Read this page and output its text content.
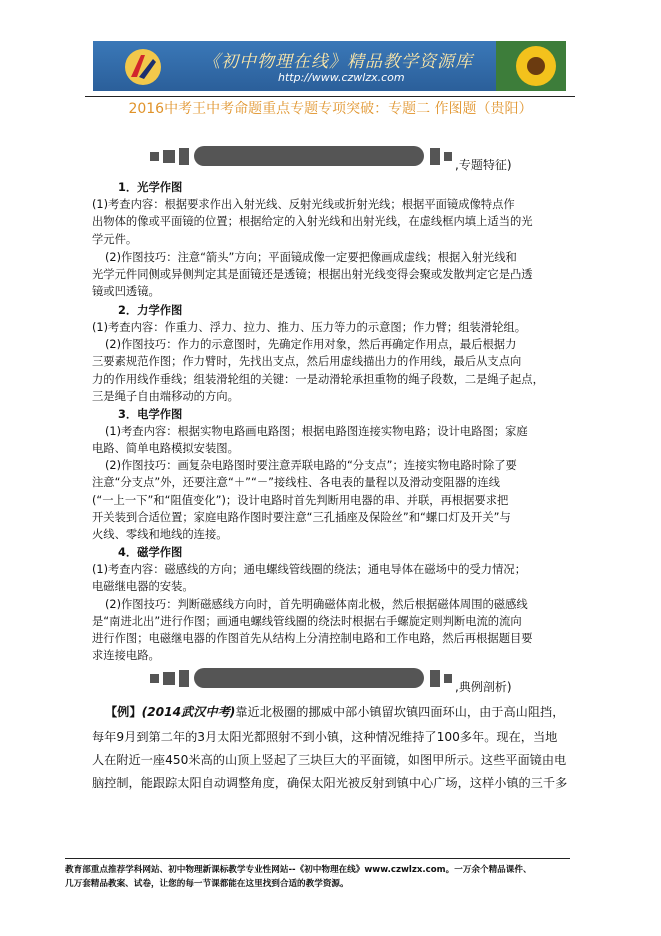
《初中物理在线》精品教学资源库
http://www.czwlzx.com
2016中考王中考命题重点专题专项突破：专题二 作图题（贵阳）
,专题特征)
1．光学作图
(1)考查内容：根据要求作出入射光线、反射光线或折射光线；根据平面镜成像特点作
出物体的像或平面镜的位置；根据给定的入射光线和出射光线，在虚线框内填上适当的光
学元件。
(2)作图技巧：注意“箭头”方向；平面镜成像一定要把像画成虚线；根据入射光线和
光学元件同侧或异侧判定其是面镜还是透镜；根据出射光线变得会聚或发散判定它是凸透
镜或凹透镜。
2．力学作图
(1)考查内容：作重力、浮力、拉力、推力、压力等力的示意图；作力臂；组装滑轮组。
(2)作图技巧：作力的示意图时，先确定作用对象，然后再确定作用点，最后根据力
三要素规范作图；作力臂时，先找出支点，然后用虚线描出力的作用线，最后从支点向
力的作用线作垂线；组装滑轮组的关键：一是动滑轮承担重物的绳子段数，二是绳子起点，
三是绳子自由端移动的方向。
3．电学作图
(1)考查内容：根据实物电路画电路图；根据电路图连接实物电路；设计电路图；家庭
电路、简单电路模拟安装图。
(2)作图技巧：画复杂电路图时要注意弄联电路的“分支点”；连接实物电路时除了要
注意“分支点”外，还要注意“＋”“－”接线柱、各电表的量程以及滑动变阻器的连线
(“一上一下”和“阻值变化”)；设计电路时首先判断用电器的串、并联，再根据要求把
开关装到合适位置；家庭电路作图时要注意“三孔插座及保险丝”和“螺口灯及开关”与
火线、零线和地线的连接。
4．磁学作图
(1)考查内容：磁感线的方向；通电螺线管线圈的绕法；通电导体在磁场中的受力情况；
电磁继电器的安装。
(2)作图技巧：判断磁感线方向时，首先明确磁体南北极，然后根据磁体周围的磁感线
是“南进北出”进行作图；画通电螺线管线圈的绕法时根据右手螺旋定则判断电流的流向
进行作图；电磁继电器的作图首先从结构上分清控制电路和工作电路，然后再根据题目要
求连接电路。
,典例剖析)
【例】(2014武汉中考)靠近北极圈的挪威中部小镇留坎镇四面环山，由于高山阻挡，
每年9月到第二年的3月太阳光都照射不到小镇，这种情况维持了100多年。现在，当地
人在附近一座450米高的山顶上竖起了三块巨大的平面镜，如图甲所示。这些平面镜由电
脑控制，能跟踪太阳自动调整角度，确保太阳光被反射到镇中心广场，这样小镇的三千多
教育部重点推荐学科网站、初中物理新课标教学专业性网站--《初中物理在线》www.czwlzx.com。一万余个精品课件、
几万套精品教案、试卷，让您的每一节课都能在这里找到合适的教学资源。
